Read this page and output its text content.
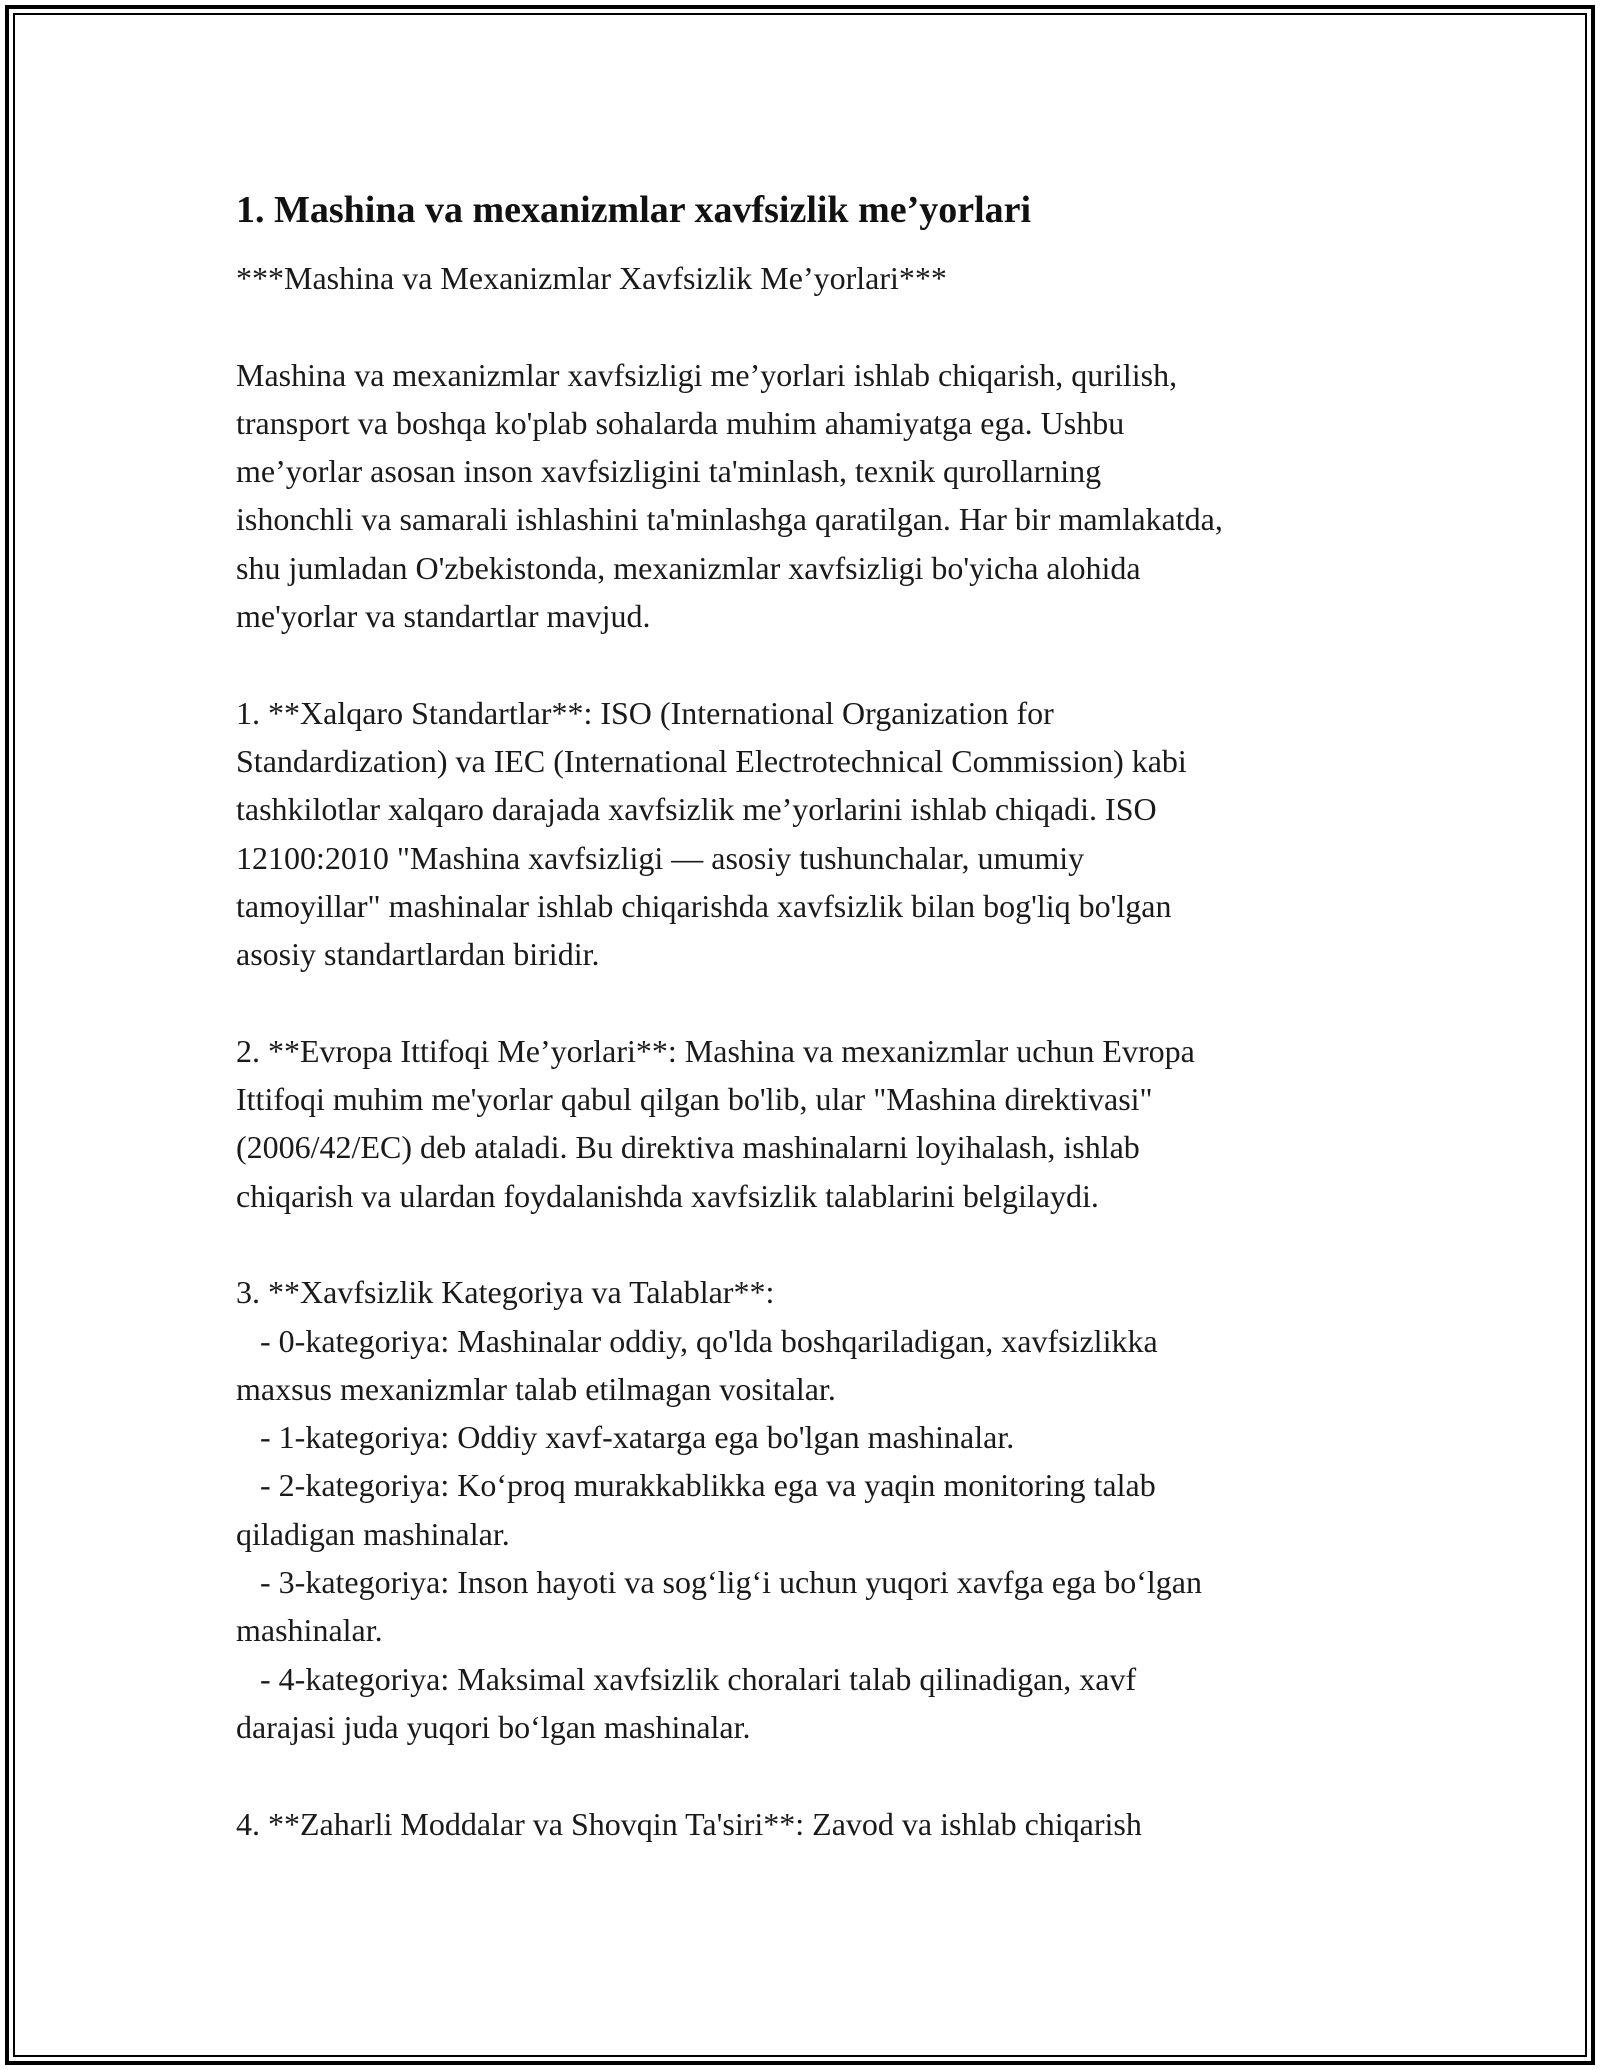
1. Mashina va mexanizmlar xavfsizlik me’yorlari
***Mashina va Mexanizmlar Xavfsizlik Me’yorlari***
Mashina va mexanizmlar xavfsizligi me’yorlari ishlab chiqarish, qurilish,
transport va boshqa ko'plab sohalarda muhim ahamiyatga ega. Ushbu
me’yorlar asosan inson xavfsizligini ta'minlash, texnik qurollarning
ishonchli va samarali ishlashini ta'minlashga qaratilgan. Har bir mamlakatda,
shu jumladan O'zbekistonda, mexanizmlar xavfsizligi bo'yicha alohida
me'yorlar va standartlar mavjud.
1. **Xalqaro Standartlar**: ISO (International Organization for
Standardization) va IEC (International Electrotechnical Commission) kabi
tashkilotlar xalqaro darajada xavfsizlik me’yorlarini ishlab chiqadi. ISO
12100:2010 "Mashina xavfsizligi — asosiy tushunchalar, umumiy
tamoyillar" mashinalar ishlab chiqarishda xavfsizlik bilan bog'liq bo'lgan
asosiy standartlardan biridir.
2. **Evropa Ittifoqi Me’yorlari**: Mashina va mexanizmlar uchun Evropa
Ittifoqi muhim me'yorlar qabul qilgan bo'lib, ular "Mashina direktivasi"
(2006/42/EC) deb ataladi. Bu direktiva mashinalarni loyihalash, ishlab
chiqarish va ulardan foydalanishda xavfsizlik talablarini belgilaydi.
3. **Xavfsizlik Kategoriya va Talablar**:
- 0-kategoriya: Mashinalar oddiy, qo'lda boshqariladigan, xavfsizlikka
maxsus mexanizmlar talab etilmagan vositalar.
- 1-kategoriya: Oddiy xavf-xatarga ega bo'lgan mashinalar.
- 2-kategoriya: Ko‘proq murakkablikka ega va yaqin monitoring talab
qiladigan mashinalar.
- 3-kategoriya: Inson hayoti va sog‘lig‘i uchun yuqori xavfga ega bo‘lgan
mashinalar.
- 4-kategoriya: Maksimal xavfsizlik choralari talab qilinadigan, xavf
darajasi juda yuqori bo‘lgan mashinalar.
4. **Zaharli Moddalar va Shovqin Ta'siri**: Zavod va ishlab chiqarish
